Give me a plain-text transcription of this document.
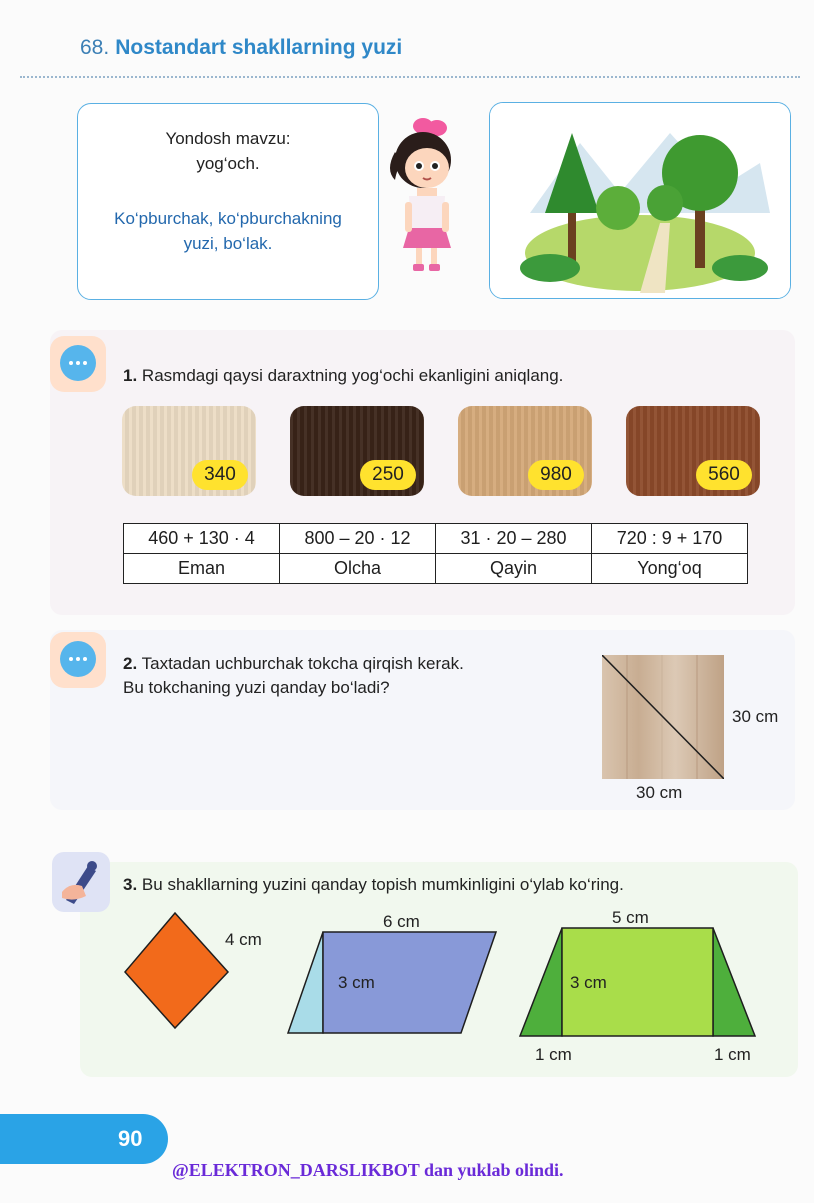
68. Nostandart shakllarning yuzi
Yondosh mavzu:
yog‘och.
Ko‘pburchak, ko‘pburchakning
yuzi, bo‘lak.
1. Rasmdagi qaysi daraxtning yog‘ochi ekanligini aniqlang.
340	250	980	560
460 + 130 · 4	800 – 20 · 12	31 · 20 – 280	720 : 9 + 170
Eman	Olcha	Qayin	Yong‘oq
2. Taxtadan uchburchak tokcha qirqish kerak.
Bu tokchaning yuzi qanday bo‘ladi?
30 cm
30 cm
3. Bu shakllarning yuzini qanday topish mumkinligini o‘ylab ko‘ring.
4 cm
6 cm
3 cm
5 cm
3 cm
1 cm	1 cm
90
@ELEKTRON_DARSLIKBOT dan yuklab olindi.
